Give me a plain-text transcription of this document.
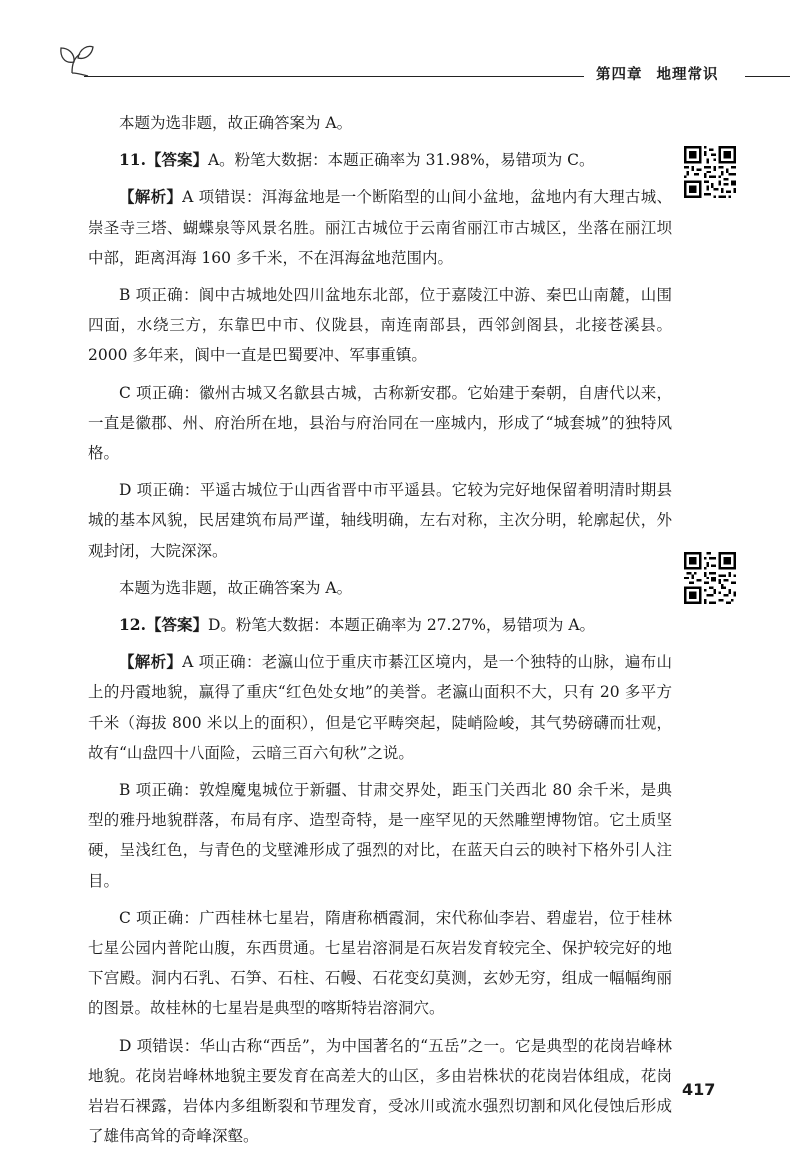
第四章 地理常识

本题为选非题，故正确答案为 A。

11.【答案】A。粉笔大数据：本题正确率为 31.98%，易错项为 C。

【解析】A 项错误：洱海盆地是一个断陷型的山间小盆地，盆地内有大理古城、崇圣寺三塔、蝴蝶泉等风景名胜。丽江古城位于云南省丽江市古城区，坐落在丽江坝中部，距离洱海 160 多千米，不在洱海盆地范围内。

B 项正确：阆中古城地处四川盆地东北部，位于嘉陵江中游、秦巴山南麓，山围四面，水绕三方，东靠巴中市、仪陇县，南连南部县，西邻剑阁县，北接苍溪县。2000 多年来，阆中一直是巴蜀要冲、军事重镇。

C 项正确：徽州古城又名歙县古城，古称新安郡。它始建于秦朝，自唐代以来，一直是徽郡、州、府治所在地，县治与府治同在一座城内，形成了“城套城”的独特风格。

D 项正确：平遥古城位于山西省晋中市平遥县。它较为完好地保留着明清时期县城的基本风貌，民居建筑布局严谨，轴线明确，左右对称，主次分明，轮廓起伏，外观封闭，大院深深。

本题为选非题，故正确答案为 A。

12.【答案】D。粉笔大数据：本题正确率为 27.27%，易错项为 A。

【解析】A 项正确：老瀛山位于重庆市綦江区境内，是一个独特的山脉，遍布山上的丹霞地貌，赢得了重庆“红色处女地”的美誉。老瀛山面积不大，只有 20 多平方千米（海拔 800 米以上的面积），但是它平畴突起，陡峭险峻，其气势磅礴而壮观，故有“山盘四十八面险，云暗三百六旬秋”之说。

B 项正确：敦煌魔鬼城位于新疆、甘肃交界处，距玉门关西北 80 余千米，是典型的雅丹地貌群落，布局有序、造型奇特，是一座罕见的天然雕塑博物馆。它土质坚硬，呈浅红色，与青色的戈壁滩形成了强烈的对比，在蓝天白云的映衬下格外引人注目。

C 项正确：广西桂林七星岩，隋唐称栖霞洞，宋代称仙李岩、碧虚岩，位于桂林七星公园内普陀山腹，东西贯通。七星岩溶洞是石灰岩发育较完全、保护较完好的地下宫殿。洞内石乳、石笋、石柱、石幔、石花变幻莫测，玄妙无穷，组成一幅幅绚丽的图景。故桂林的七星岩是典型的喀斯特岩溶洞穴。

D 项错误：华山古称“西岳”，为中国著名的“五岳”之一。它是典型的花岗岩峰林地貌。花岗岩峰林地貌主要发育在高差大的山区，多由岩株状的花岗岩体组成，花岗岩岩石裸露，岩体内多组断裂和节理发育，受冰川或流水强烈切割和风化侵蚀后形成了雄伟高耸的奇峰深壑。

417
